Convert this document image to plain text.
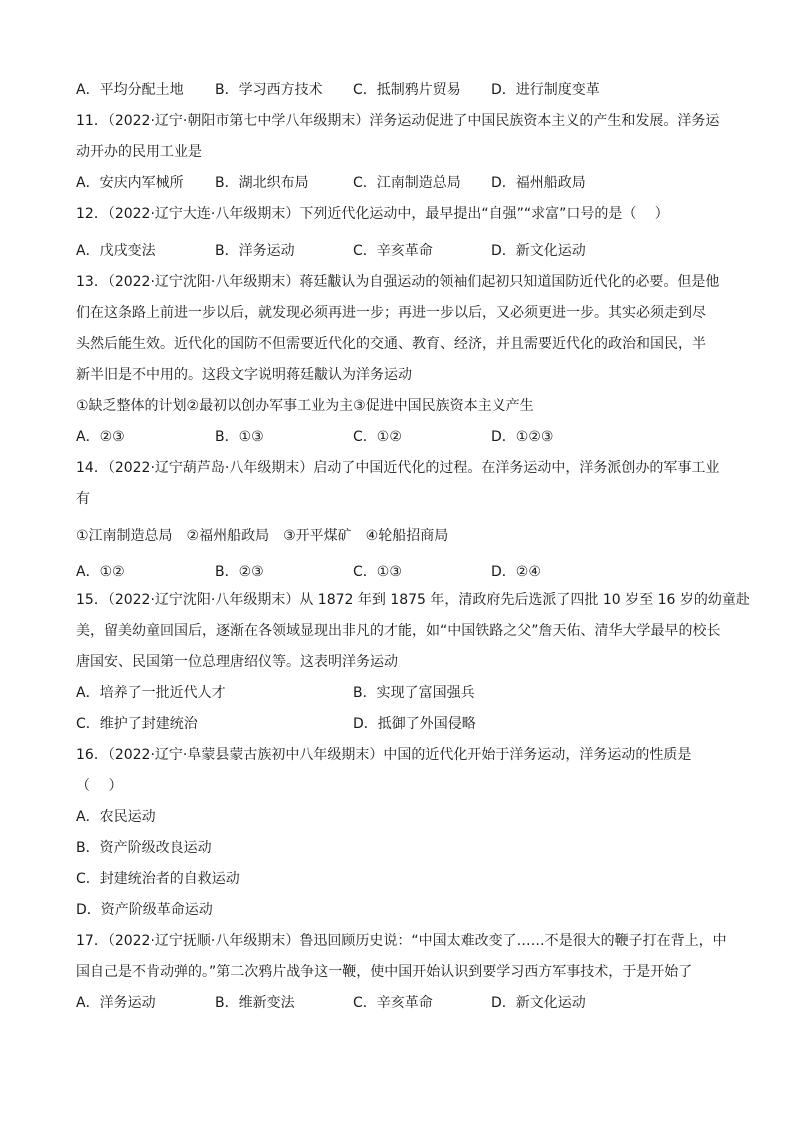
A．平均分配土地 B．学习西方技术 C．抵制鸦片贸易 D．进行制度变革
11．（2022·辽宁·朝阳市第七中学八年级期末）洋务运动促进了中国民族资本主义的产生和发展。洋务运
动开办的民用工业是
A．安庆内军械所 B．湖北织布局	C．江南制造总局 D．福州船政局
12．（2022·辽宁大连·八年级期末）下列近代化运动中，最早提出“自强”“求富”口号的是（　 ）
A．戊戌变法	B．洋务运动	C．辛亥革命	D．新文化运动
13．（2022·辽宁沈阳·八年级期末）蒋廷黻认为自强运动的领袖们起初只知道国防近代化的必要。但是他
们在这条路上前进一步以后，就发现必须再进一步；再进一步以后，又必须更进一步。其实必须走到尽
头然后能生效。近代化的国防不但需要近代化的交通、教育、经济，并且需要近代化的政治和国民，半
新半旧是不中用的。这段文字说明蒋廷黻认为洋务运动
①缺乏整体的计划②最初以创办军事工业为主③促进中国民族资本主义产生
A．②③	B．①③	C．①②	D．①②③
14．（2022·辽宁葫芦岛·八年级期末）启动了中国近代化的过程。在洋务运动中，洋务派创办的军事工业
有
①江南制造总局　②福州船政局　③开平煤矿　④轮船招商局
A．①②	B．②③	C．①③	D．②④
15．（2022·辽宁沈阳·八年级期末）从 1872 年到 1875 年，清政府先后选派了四批 10 岁至 16 岁的幼童赴
美，留美幼童回国后，逐渐在各领域显现出非凡的才能，如“中国铁路之父”詹天佑、清华大学最早的校长
唐国安、民国第一位总理唐绍仪等。这表明洋务运动
A．培养了一批近代人才	B．实现了富国强兵
C．维护了封建统治	D．抵御了外国侵略
16．（2022·辽宁·阜蒙县蒙古族初中八年级期末）中国的近代化开始于洋务运动，洋务运动的性质是
（　 ）
A．农民运动
B．资产阶级改良运动
C．封建统治者的自救运动
D．资产阶级革命运动
17．（2022·辽宁抚顺·八年级期末）鲁迅回顾历史说：“中国太难改变了……不是很大的鞭子打在背上，中
国自己是不肯动弹的。”第二次鸦片战争这一鞭，使中国开始认识到要学习西方军事技术，于是开始了
A．洋务运动	B．维新变法	C．辛亥革命	D．新文化运动
